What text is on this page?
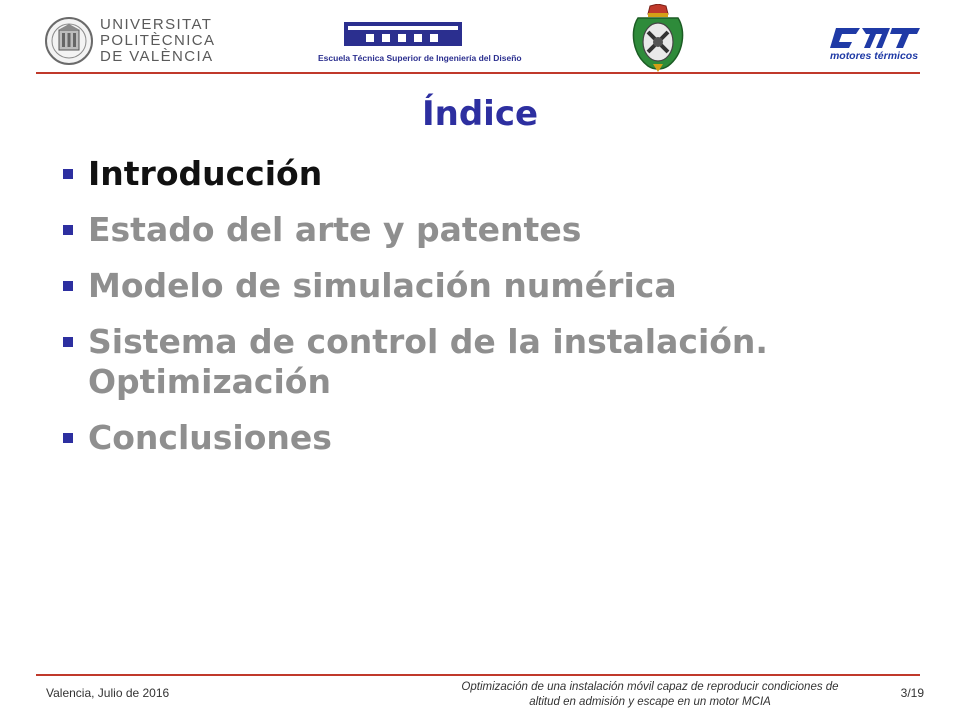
UNIVERSITAT
POLITÈCNICA
DE VALÈNCIA	Escuela Técnica Superior de Ingeniería del Diseño	motores térmicos
Índice
Introducción
Estado del arte y patentes
Modelo de simulación numérica
Sistema de control de la instalación.
Optimización
Conclusiones
Valencia, Julio de 2016	Optimización de una instalación móvil capaz de reproducir condiciones de
altitud en admisión y escape en un motor MCIA
3/19
